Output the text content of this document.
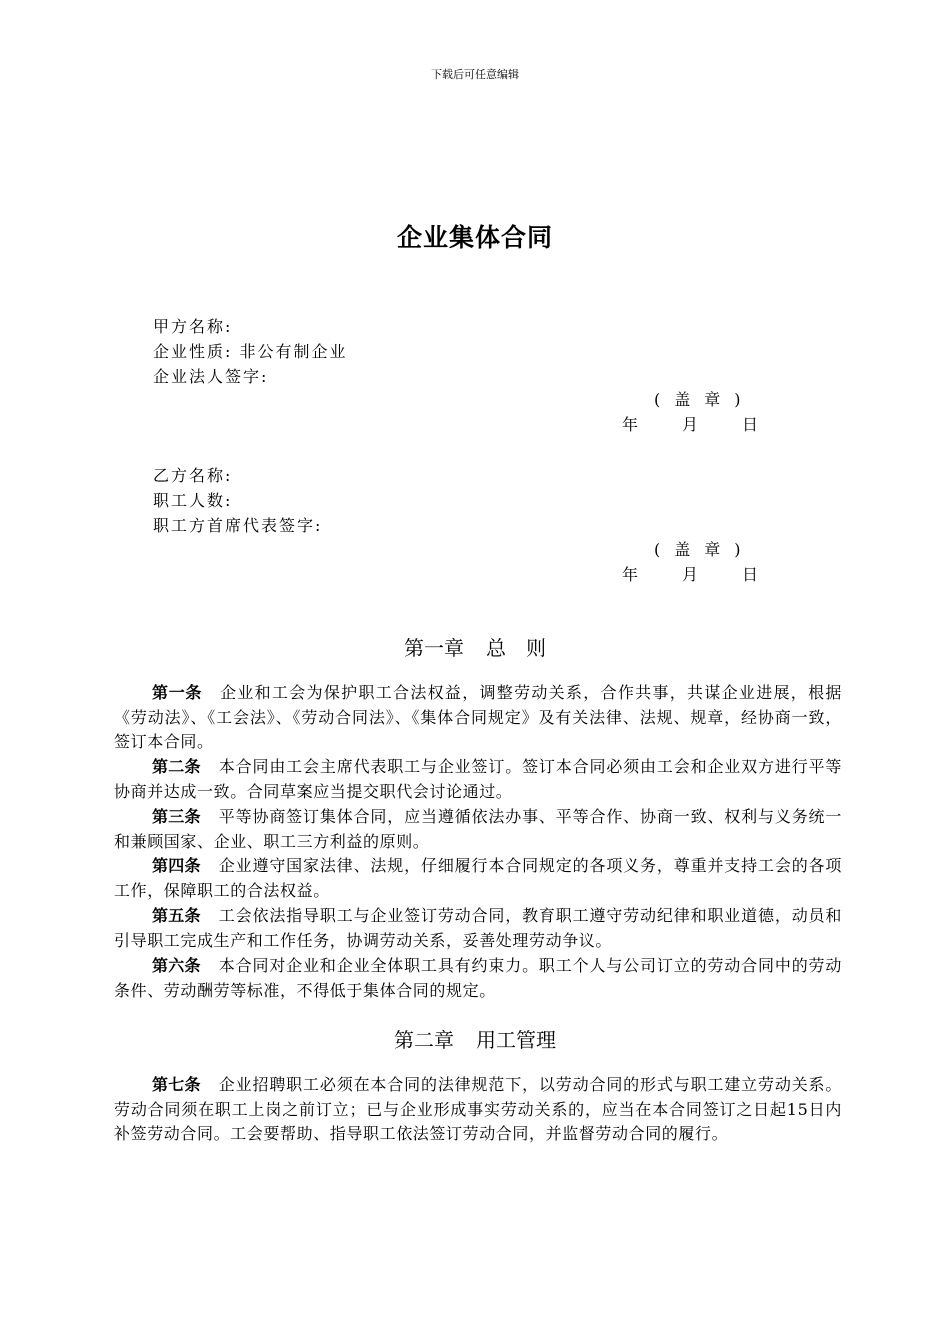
下载后可任意编辑
企业集体合同
甲方名称:
企业性质: 非公有制企业
企业法人签字:
( 盖 章 )
年	月	日
乙方名称:
职工人数:
职工方首席代表签字:
( 盖 章 )
年	月	日
第一章 总　则
第一条 企业和工会为保护职工合法权益，调整劳动关系，合作共事，共谋企业进展，根据《劳动法》、《工会法》、《劳动合同法》、《集体合同规定》及有关法律、法规、规章，经协商一致，签订本合同。
第二条 本合同由工会主席代表职工与企业签订。签订本合同必须由工会和企业双方进行平等协商并达成一致。合同草案应当提交职代会讨论通过。
第三条 平等协商签订集体合同，应当遵循依法办事、平等合作、协商一致、权利与义务统一和兼顾国家、企业、职工三方利益的原则。
第四条 企业遵守国家法律、法规，仔细履行本合同规定的各项义务，尊重并支持工会的各项工作，保障职工的合法权益。
第五条 工会依法指导职工与企业签订劳动合同，教育职工遵守劳动纪律和职业道德，动员和引导职工完成生产和工作任务，协调劳动关系，妥善处理劳动争议。
第六条 本合同对企业和企业全体职工具有约束力。职工个人与公司订立的劳动合同中的劳动条件、劳动酬劳等标准，不得低于集体合同的规定。
第二章 用工管理
第七条 企业招聘职工必须在本合同的法律规范下，以劳动合同的形式与职工建立劳动关系。劳动合同须在职工上岗之前订立；已与企业形成事实劳动关系的，应当在本合同签订之日起15日内补签劳动合同。工会要帮助、指导职工依法签订劳动合同，并监督劳动合同的履行。
